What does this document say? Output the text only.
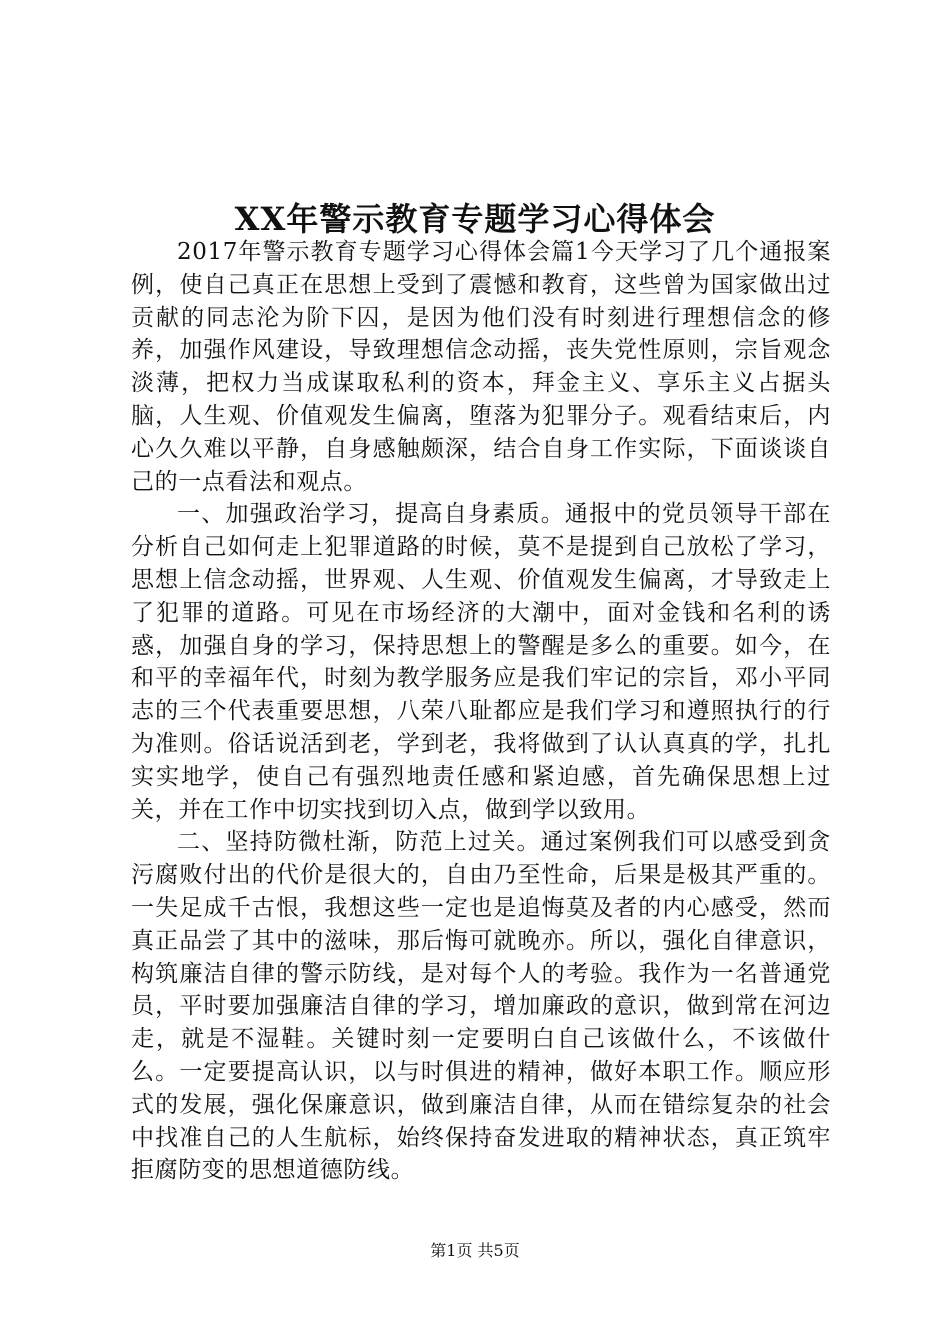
XX年警示教育专题学习心得体会

2017年警示教育专题学习心得体会篇1今天学习了几个通报案例，使自己真正在思想上受到了震憾和教育，这些曾为国家做出过贡献的同志沦为阶下囚，是因为他们没有时刻进行理想信念的修养，加强作风建设，导致理想信念动摇，丧失党性原则，宗旨观念淡薄，把权力当成谋取私利的资本，拜金主义、享乐主义占据头脑，人生观、价值观发生偏离，堕落为犯罪分子。观看结束后，内心久久难以平静，自身感触颇深，结合自身工作实际，下面谈谈自己的一点看法和观点。

一、加强政治学习，提高自身素质。通报中的党员领导干部在分析自己如何走上犯罪道路的时候，莫不是提到自己放松了学习，思想上信念动摇，世界观、人生观、价值观发生偏离，才导致走上了犯罪的道路。可见在市场经济的大潮中，面对金钱和名利的诱惑，加强自身的学习，保持思想上的警醒是多么的重要。如今，在和平的幸福年代，时刻为教学服务应是我们牢记的宗旨，邓小平同志的三个代表重要思想，八荣八耻都应是我们学习和遵照执行的行为准则。俗话说活到老，学到老，我将做到了认认真真的学，扎扎实实地学，使自己有强烈地责任感和紧迫感，首先确保思想上过关，并在工作中切实找到切入点，做到学以致用。

二、坚持防微杜渐，防范上过关。通过案例我们可以感受到贪污腐败付出的代价是很大的，自由乃至性命，后果是极其严重的。一失足成千古恨，我想这些一定也是追悔莫及者的内心感受，然而真正品尝了其中的滋味，那后悔可就晚亦。所以，强化自律意识，构筑廉洁自律的警示防线，是对每个人的考验。我作为一名普通党员，平时要加强廉洁自律的学习，增加廉政的意识，做到常在河边走，就是不湿鞋。关键时刻一定要明白自己该做什么，不该做什么。一定要提高认识，以与时俱进的精神，做好本职工作。顺应形式的发展，强化保廉意识，做到廉洁自律，从而在错综复杂的社会中找准自己的人生航标，始终保持奋发进取的精神状态，真正筑牢拒腐防变的思想道德防线。

第1页 共5页
